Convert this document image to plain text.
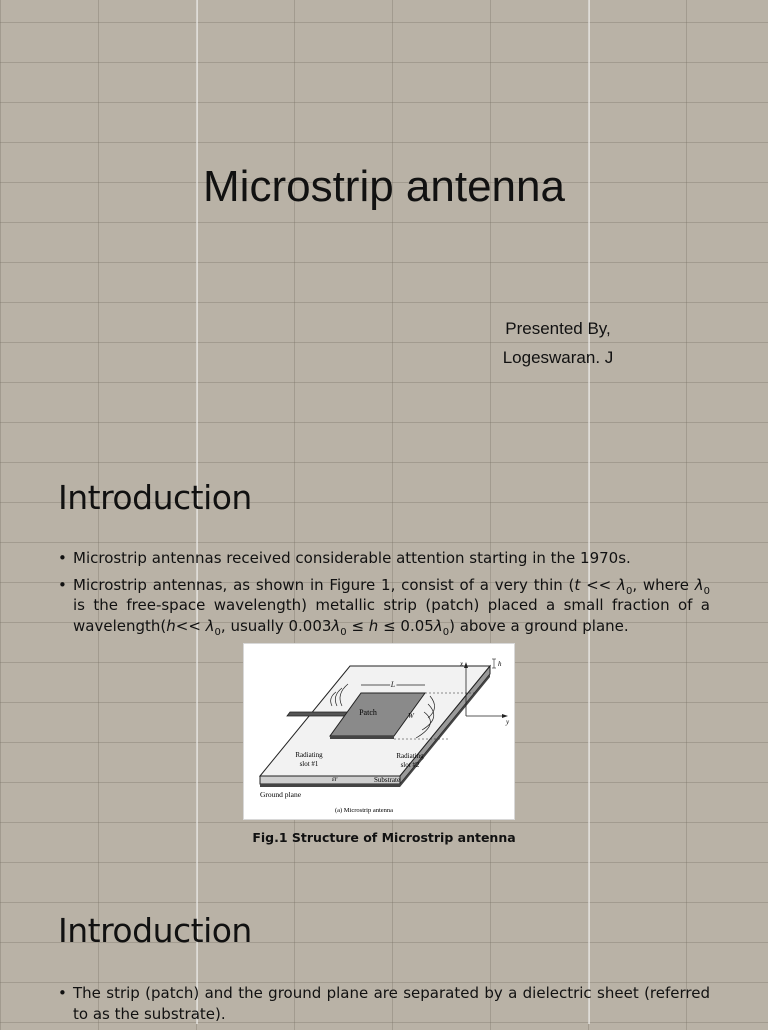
Microstrip antenna
Presented By,
Logeswaran. J
Introduction
• Microstrip antennas received considerable attention starting in the 1970s.
• Microstrip antennas, as shown in Figure 1, consist of a very thin ($t << \lambda_0$, where $\lambda_0$ is the free-space wavelength) metallic strip (patch) placed a small fraction of a wavelength(h<< $\lambda_0$, usually $0.003\lambda_0 \le h \le 0.05\lambda_0$) above a ground plane.
Patch
L
W
x
y
h
Radiating
slot #1
Radiating
slot #2
εr	Substrate
Ground plane
(a) Microstrip antenna
Fig.1 Structure of Microstrip antenna
Introduction
• The strip (patch) and the ground plane are separated by a dielectric sheet (referred to as the substrate).
